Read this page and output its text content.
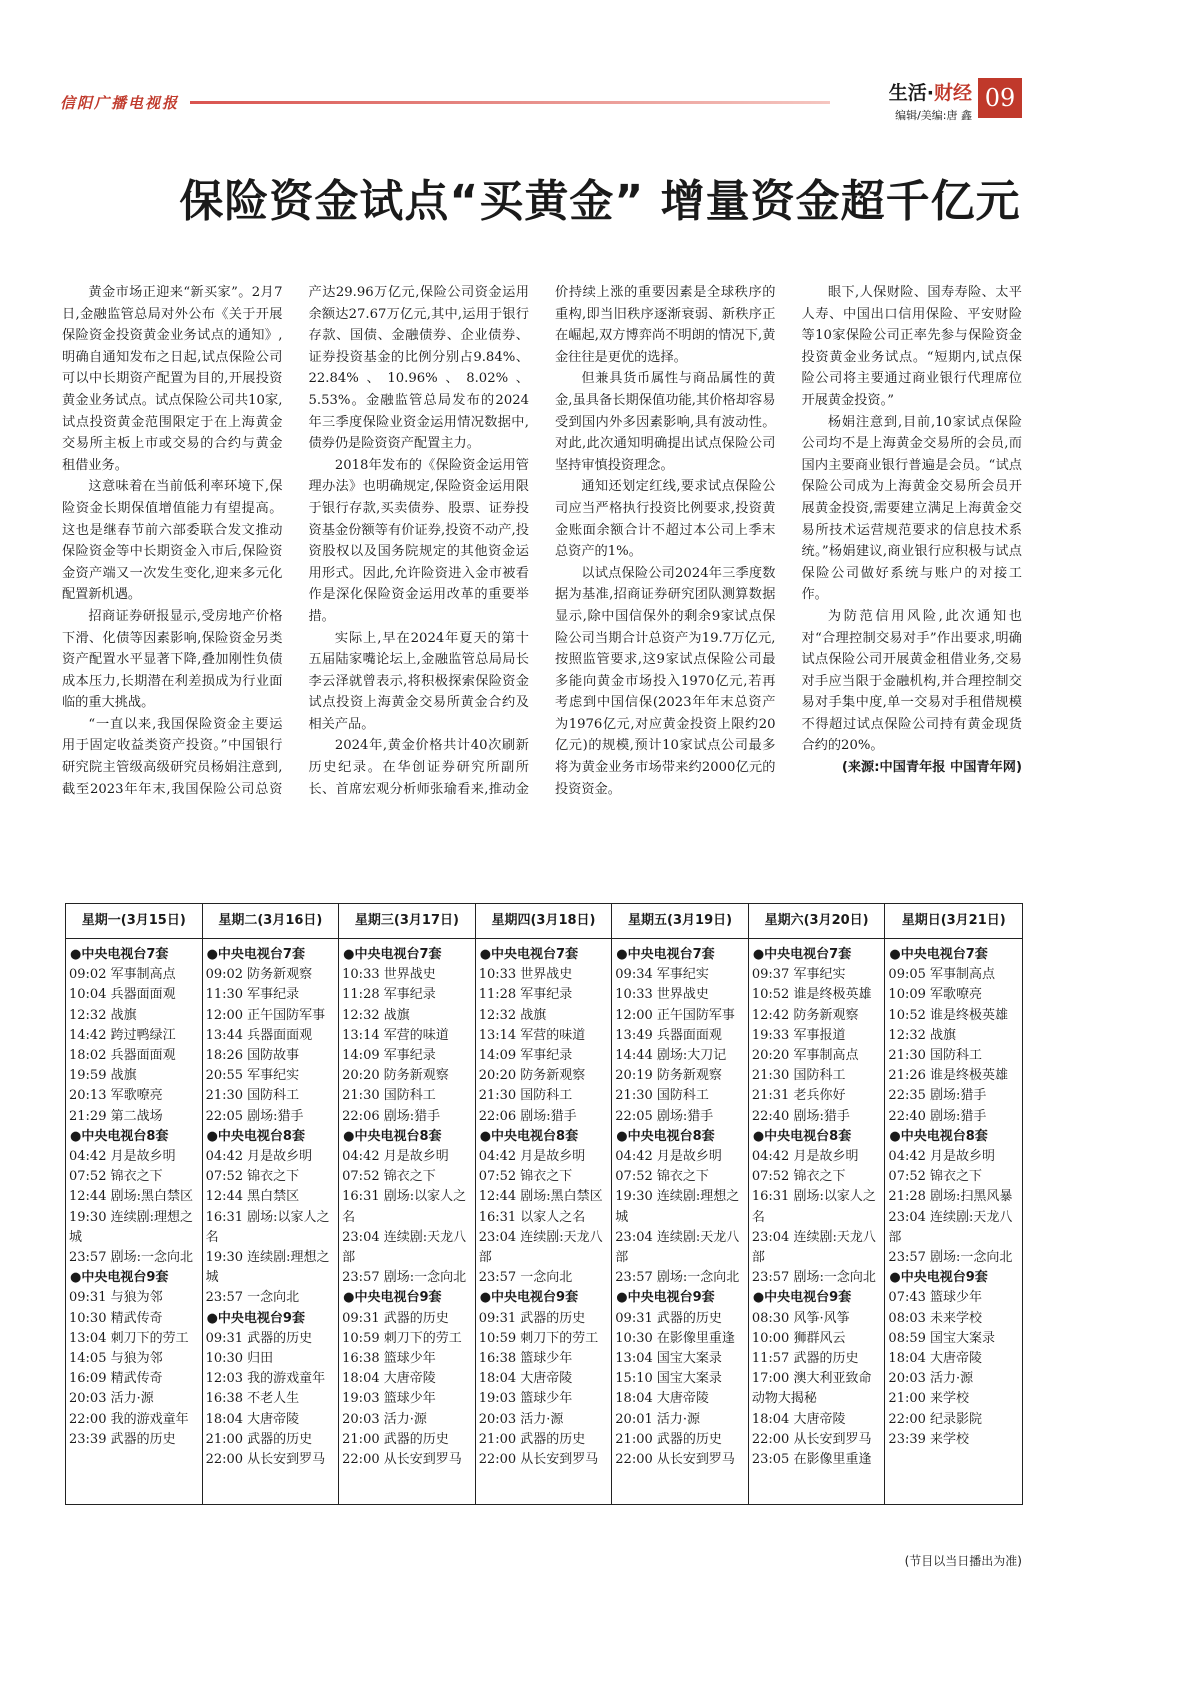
信阳广播电视报	生活·财经
编辑/美编:唐 鑫
09
保险资金试点“买黄金” 增量资金超千亿元

黄金市场正迎来“新买家”。2月7日,金融监管总局对外公布《关于开展保险资金投资黄金业务试点的通知》,明确自通知发布之日起,试点保险公司可以中长期资产配置为目的,开展投资黄金业务试点。试点保险公司共10家,试点投资黄金范围限定于在上海黄金交易所主板上市或交易的合约与黄金租借业务。

这意味着在当前低利率环境下,保险资金长期保值增值能力有望提高。这也是继春节前六部委联合发文推动保险资金等中长期资金入市后,保险资金资产端又一次发生变化,迎来多元化配置新机遇。

招商证券研报显示,受房地产价格下滑、化债等因素影响,保险资金另类资产配置水平显著下降,叠加刚性负债成本压力,长期潜在利差损成为行业面临的重大挑战。

“一直以来,我国保险资金主要运用于固定收益类资产投资。”中国银行研究院主管级高级研究员杨娟注意到,截至2023年年末,我国保险公司总资产达29.96万亿元,保险公司资金运用余额达27.67万亿元,其中,运用于银行存款、国债、金融债券、企业债券、证券投资基金的比例分别占9.84%、22.84%、10.96%、8.02%、5.53%。金融监管总局发布的2024年三季度保险业资金运用情况数据中,债券仍是险资资产配置主力。

2018年发布的《保险资金运用管理办法》也明确规定,保险资金运用限于银行存款,买卖债券、股票、证券投资基金份额等有价证券,投资不动产,投资股权以及国务院规定的其他资金运用形式。因此,允许险资进入金市被看作是深化保险资金运用改革的重要举措。

实际上,早在2024年夏天的第十五届陆家嘴论坛上,金融监管总局局长李云泽就曾表示,将积极探索保险资金试点投资上海黄金交易所黄金合约及相关产品。

2024年,黄金价格共计40次刷新历史纪录。在华创证券研究所副所长、首席宏观分析师张瑜看来,推动金价持续上涨的重要因素是全球秩序的重构,即当旧秩序逐渐衰弱、新秩序正在崛起,双方博弈尚不明朗的情况下,黄金往往是更优的选择。

但兼具货币属性与商品属性的黄金,虽具备长期保值功能,其价格却容易受到国内外多因素影响,具有波动性。对此,此次通知明确提出试点保险公司坚持审慎投资理念。

通知还划定红线,要求试点保险公司应当严格执行投资比例要求,投资黄金账面余额合计不超过本公司上季末总资产的1%。

以试点保险公司2024年三季度数据为基准,招商证券研究团队测算数据显示,除中国信保外的剩余9家试点保险公司当期合计总资产为19.7万亿元,按照监管要求,这9家试点保险公司最多能向黄金市场投入1970亿元,若再考虑到中国信保(2023年年末总资产为1976亿元,对应黄金投资上限约20亿元)的规模,预计10家试点公司最多将为黄金业务市场带来约2000亿元的投资资金。

眼下,人保财险、国寿寿险、太平人寿、中国出口信用保险、平安财险等10家保险公司正率先参与保险资金投资黄金业务试点。“短期内,试点保险公司将主要通过商业银行代理席位开展黄金投资。”

杨娟注意到,目前,10家试点保险公司均不是上海黄金交易所的会员,而国内主要商业银行普遍是会员。“试点保险公司成为上海黄金交易所会员开展黄金投资,需要建立满足上海黄金交易所技术运营规范要求的信息技术系统。”杨娟建议,商业银行应积极与试点保险公司做好系统与账户的对接工作。

为防范信用风险,此次通知也对“合理控制交易对手”作出要求,明确试点保险公司开展黄金租借业务,交易对手应当限于金融机构,并合理控制交易对手集中度,单一交易对手租借规模不得超过试点保险公司持有黄金现货合约的20%。

(来源:中国青年报 中国青年网)

星期一(3月15日)
●中央电视台7套
09:02 军事制高点
10:04 兵器面面观
12:32 战旗
14:42 跨过鸭绿江
18:02 兵器面面观
19:59 战旗
20:13 军歌嘹亮
21:29 第二战场
●中央电视台8套
04:42 月是故乡明
07:52 锦衣之下
12:44 剧场:黑白禁区
19:30 连续剧:理想之城
23:57 剧场:一念向北
●中央电视台9套
09:31 与狼为邻
10:30 精武传奇
13:04 刺刀下的劳工
14:05 与狼为邻
16:09 精武传奇
20:03 活力·源
22:00 我的游戏童年
23:39 武器的历史
星期二(3月16日)
●中央电视台7套
09:02 防务新观察
11:30 军事纪录
12:00 正午国防军事
13:44 兵器面面观
18:26 国防故事
20:55 军事纪实
21:30 国防科工
22:05 剧场:猎手
●中央电视台8套
04:42 月是故乡明
07:52 锦衣之下
12:44 黑白禁区
16:31 剧场:以家人之名
19:30 连续剧:理想之城
23:57 一念向北
●中央电视台9套
09:31 武器的历史
10:30 归田
12:03 我的游戏童年
16:38 不老人生
18:04 大唐帝陵
21:00 武器的历史
22:00 从长安到罗马
星期三(3月17日)
●中央电视台7套
10:33 世界战史
11:28 军事纪录
12:32 战旗
13:14 军营的味道
14:09 军事纪录
20:20 防务新观察
21:30 国防科工
22:06 剧场:猎手
●中央电视台8套
04:42 月是故乡明
07:52 锦衣之下
16:31 剧场:以家人之名
23:04 连续剧:天龙八部
23:57 剧场:一念向北
●中央电视台9套
09:31 武器的历史
10:59 刺刀下的劳工
16:38 篮球少年
18:04 大唐帝陵
19:03 篮球少年
20:03 活力·源
21:00 武器的历史
22:00 从长安到罗马
星期四(3月18日)
●中央电视台7套
10:33 世界战史
11:28 军事纪录
12:32 战旗
13:14 军营的味道
14:09 军事纪录
20:20 防务新观察
21:30 国防科工
22:06 剧场:猎手
●中央电视台8套
04:42 月是故乡明
07:52 锦衣之下
12:44 剧场:黑白禁区
16:31 以家人之名
23:04 连续剧:天龙八部
23:57 一念向北
●中央电视台9套
09:31 武器的历史
10:59 刺刀下的劳工
16:38 篮球少年
18:04 大唐帝陵
19:03 篮球少年
20:03 活力·源
21:00 武器的历史
22:00 从长安到罗马
星期五(3月19日)
●中央电视台7套
09:34 军事纪实
10:33 世界战史
12:00 正午国防军事
13:49 兵器面面观
14:44 剧场:大刀记
20:19 防务新观察
21:30 国防科工
22:05 剧场:猎手
●中央电视台8套
04:42 月是故乡明
07:52 锦衣之下
19:30 连续剧:理想之城
23:04 连续剧:天龙八部
23:57 剧场:一念向北
●中央电视台9套
09:31 武器的历史
10:30 在影像里重逢
13:04 国宝大案录
15:10 国宝大案录
18:04 大唐帝陵
20:01 活力·源
21:00 武器的历史
22:00 从长安到罗马
星期六(3月20日)
●中央电视台7套
09:37 军事纪实
10:52 谁是终极英雄
12:42 防务新观察
19:33 军事报道
20:20 军事制高点
21:30 国防科工
21:31 老兵你好
22:40 剧场:猎手
●中央电视台8套
04:42 月是故乡明
07:52 锦衣之下
16:31 剧场:以家人之名
23:04 连续剧:天龙八部
23:57 剧场:一念向北
●中央电视台9套
08:30 风筝·风筝
10:00 狮群风云
11:57 武器的历史
17:00 澳大利亚致命动物大揭秘
18:04 大唐帝陵
22:00 从长安到罗马
23:05 在影像里重逢
星期日(3月21日)
●中央电视台7套
09:05 军事制高点
10:09 军歌嘹亮
10:52 谁是终极英雄
12:32 战旗
21:30 国防科工
21:26 谁是终极英雄
22:35 剧场:猎手
22:40 剧场:猎手
●中央电视台8套
04:42 月是故乡明
07:52 锦衣之下
21:28 剧场:扫黑风暴
23:04 连续剧:天龙八部
23:57 剧场:一念向北
●中央电视台9套
07:43 篮球少年
08:03 未来学校
08:59 国宝大案录
18:04 大唐帝陵
20:03 活力·源
21:00 来学校
22:00 纪录影院
23:39 来学校
(节目以当日播出为准)
